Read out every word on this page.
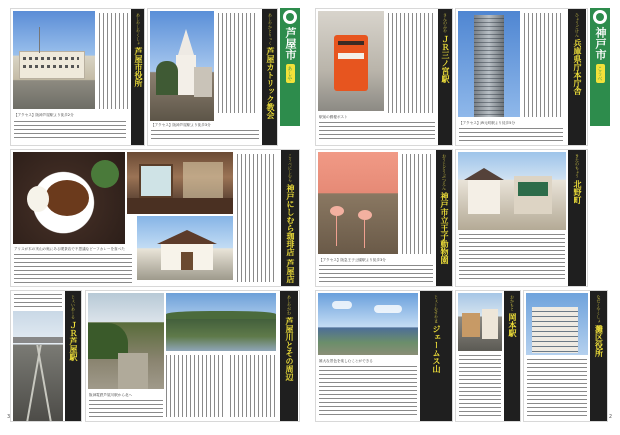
芦屋市
あしや
あしやしやくしょ
芦屋市役所
【アクセス】阪神芦屋駅より徒歩2分
あしやかとりっく
芦屋カトリック教会
【アクセス】阪神芦屋駅より徒歩3分
こうべにしむら
神戸にしむら珈琲店 芦屋店
アリスが木の実山の奥にある喫茶店で不思議なビーフカレーを食べた
じぇいあーる
ＪＲ芦屋駅
あしやがわ
芦屋川とその周辺
阪神電鉄芦屋川駅から北へ
3
神戸市
こうべ
さんのみや
ＪＲ三ノ宮駅
駅前の郵便ポスト
ひょうごけん
兵庫県庁本庁舎
【アクセス】JR元町駅より徒歩5分
おうじどうぶつえん
神戸市立王子動物園
【アクセス】阪急王子公園駅より徒歩3分
きたのちょう
北野町
雄大な景色を楽しむことができる
じぇーむすやま
ジェームス山
おかもと
岡本駅
なだくやくしょ
灘区役所
2
